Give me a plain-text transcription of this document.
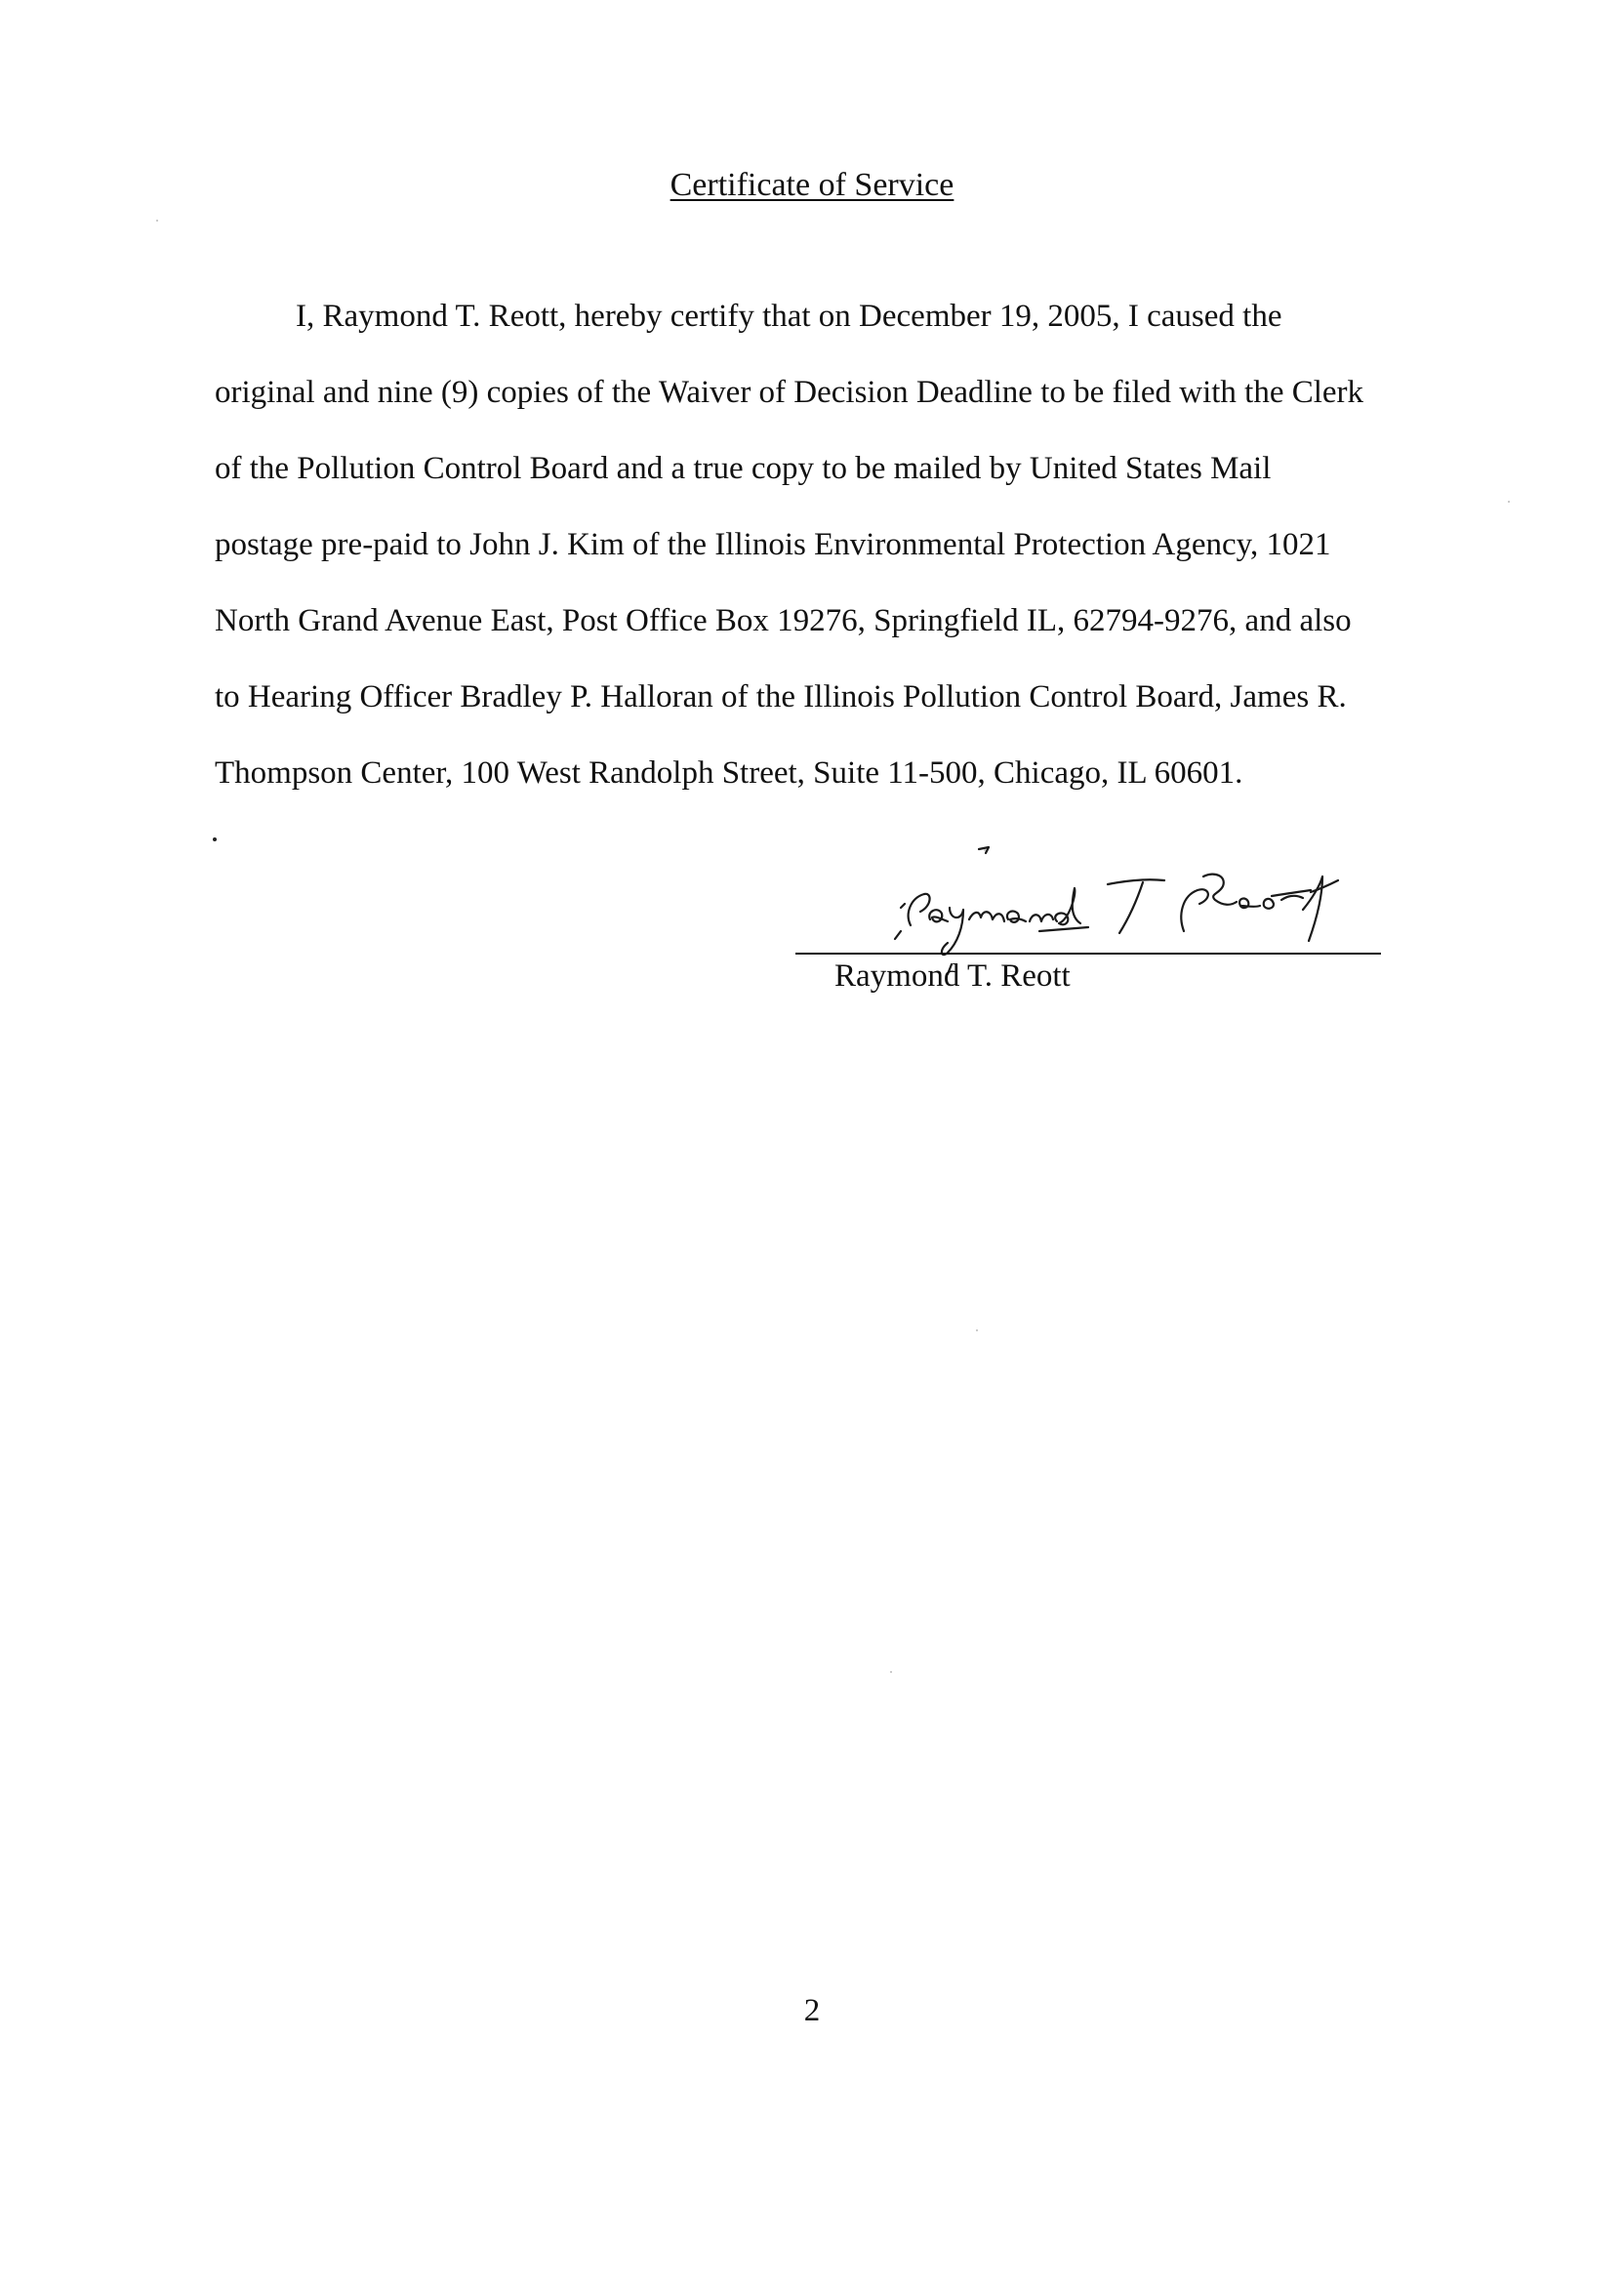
Certificate of Service
I, Raymond T. Reott, hereby certify that on December 19, 2005, I caused the
original and nine (9) copies of the Waiver of Decision Deadline to be filed with the Clerk
of the Pollution Control Board and a true copy to be mailed by United States Mail
postage pre-paid to John J. Kim of the Illinois Environmental Protection Agency, 1021
North Grand Avenue East, Post Office Box 19276, Springfield IL, 62794-9276, and also
to Hearing Officer Bradley P. Halloran of the Illinois Pollution Control Board, James R.
Thompson Center, 100 West Randolph Street, Suite 11-500, Chicago, IL 60601.
Raymond T. Reott
2
